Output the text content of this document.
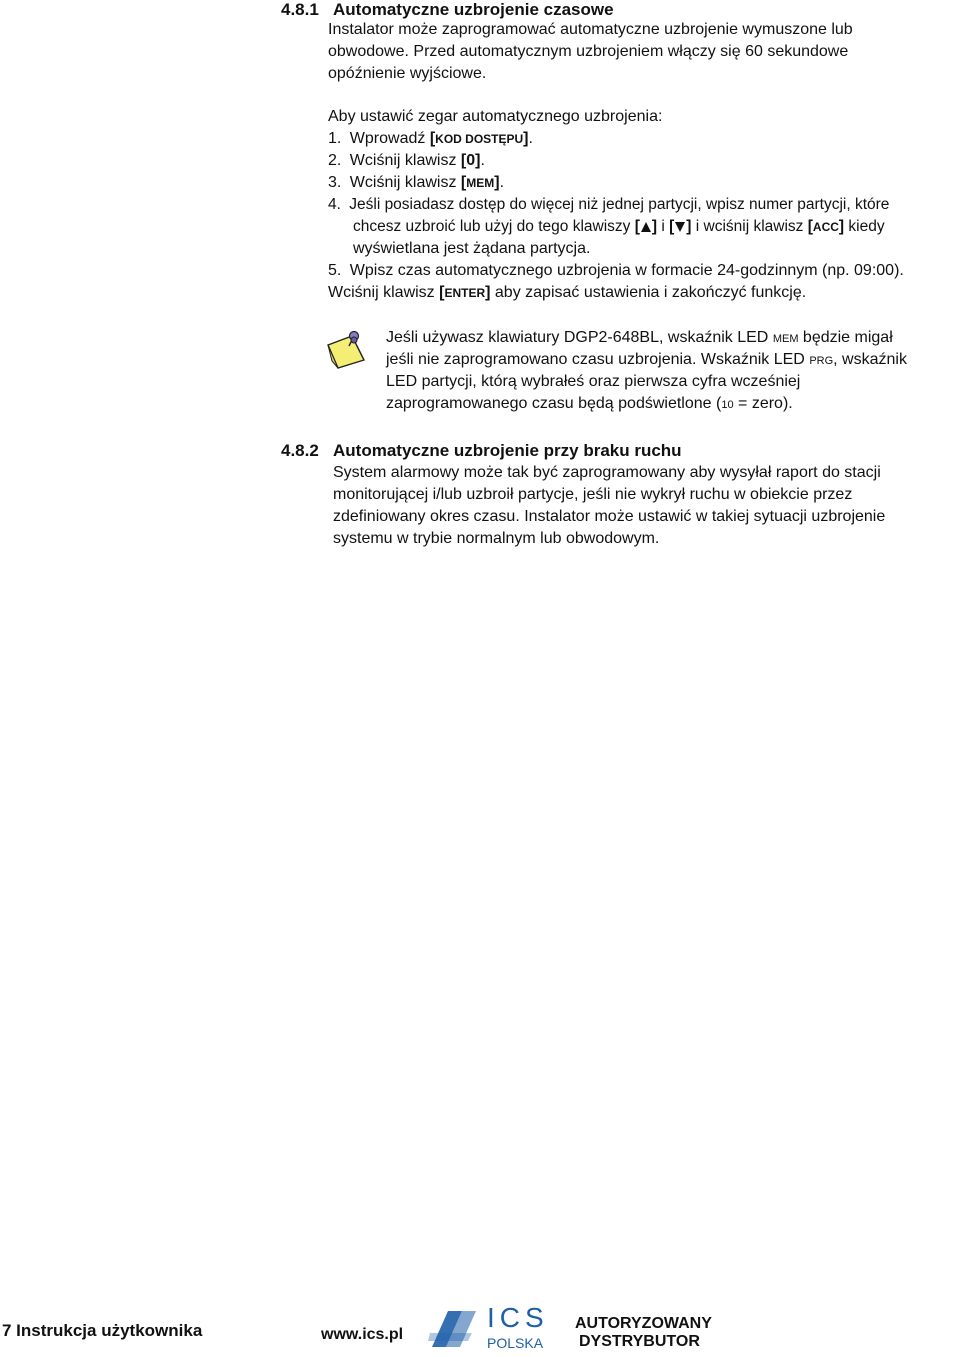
4.8.1 Automatyczne uzbrojenie czasowe
Instalator może zaprogramować automatyczne uzbrojenie wymuszone lub
obwodowe. Przed automatycznym uzbrojeniem włączy się 60 sekundowe
opóźnienie wyjściowe.
Aby ustawić zegar automatycznego uzbrojenia:
1. Wprowadź [KOD DOSTĘPU].
2. Wciśnij klawisz [0].
3. Wciśnij klawisz [MEM].
4. Jeśli posiadasz dostęp do więcej niż jednej partycji, wpisz numer partycji, które
chcesz uzbroić lub użyj do tego klawiszy [ ] i [ ] i wciśnij klawisz [ACC] kiedy
wyświetlana jest żądana partycja.
5. Wpisz czas automatycznego uzbrojenia w formacie 24-godzinnym (np. 09:00).
Wciśnij klawisz [ENTER] aby zapisać ustawienia i zakończyć funkcję.
Jeśli używasz klawiatury DGP2-648BL, wskaźnik LED MEM będzie migał
jeśli nie zaprogramowano czasu uzbrojenia. Wskaźnik LED PRG, wskaźnik
LED partycji, którą wybrałeś oraz pierwsza cyfra wcześniej
zaprogramowanego czasu będą podświetlone (10 = zero).
4.8.2 Automatyczne uzbrojenie przy braku ruchu
System alarmowy może tak być zaprogramowany aby wysyłał raport do stacji
monitorującej i/lub uzbroił partycje, jeśli nie wykrył ruchu w obiekcie przez
zdefiniowany okres czasu. Instalator może ustawić w takiej sytuacji uzbrojenie
systemu w trybie normalnym lub obwodowym.
7 Instrukcja użytkownika	www.ics.pl
ICS
POLSKA
AUTORYZOWANY
DYSTRYBUTOR
